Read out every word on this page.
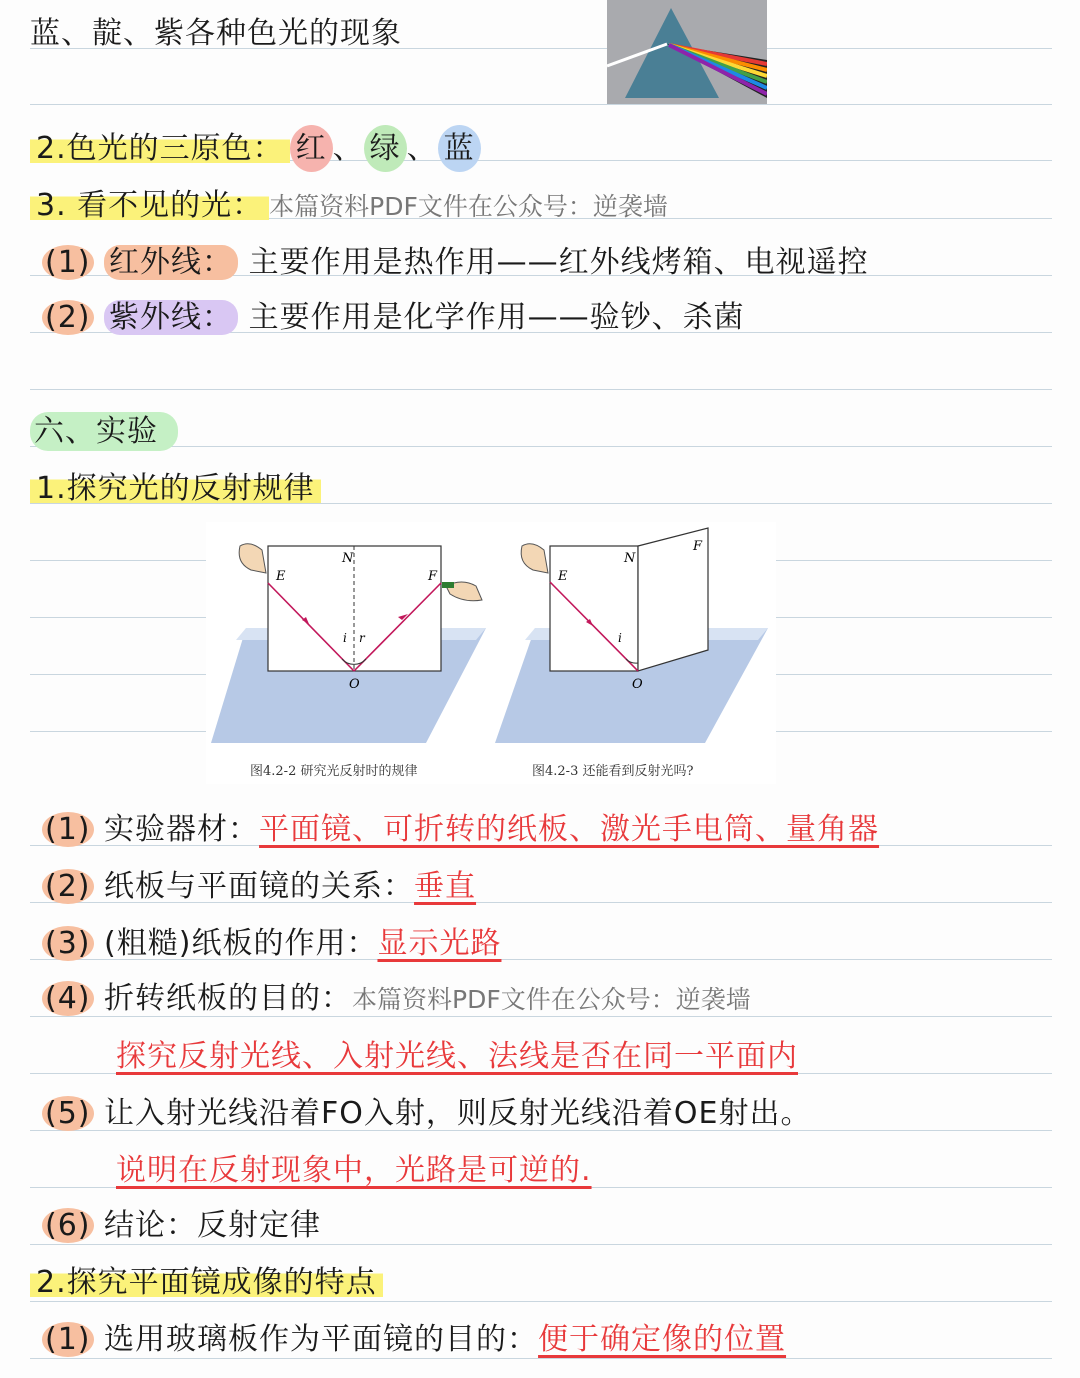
蓝、靛、紫各种色光的现象
2.色光的三原色： 红 、 绿 、 蓝
3. 看不见的光： 本篇资料PDF文件在公众号：逆袭墙
(1) 红外线： 主要作用是热作用——红外线烤箱、电视遥控
(2) 紫外线： 主要作用是化学作用——验钞、杀菌
六、实验
1.探究光的反射规律
N
E	F
i r
O
N
E
F
i
O
图4.2-2 研究光反射时的规律	图4.2-3 还能看到反射光吗?
(1) 实验器材：平面镜、可折转的纸板、激光手电筒、量角器
(2) 纸板与平面镜的关系：垂直
(3) (粗糙)纸板的作用：显示光路
(4) 折转纸板的目的：本篇资料PDF文件在公众号：逆袭墙
探究反射光线、入射光线、法线是否在同一平面内
(5) 让入射光线沿着FO入射，则反射光线沿着OE射出。
说明在反射现象中，光路是可逆的.
(6) 结论：反射定律
2.探究平面镜成像的特点
(1) 选用玻璃板作为平面镜的目的：便于确定像的位置
